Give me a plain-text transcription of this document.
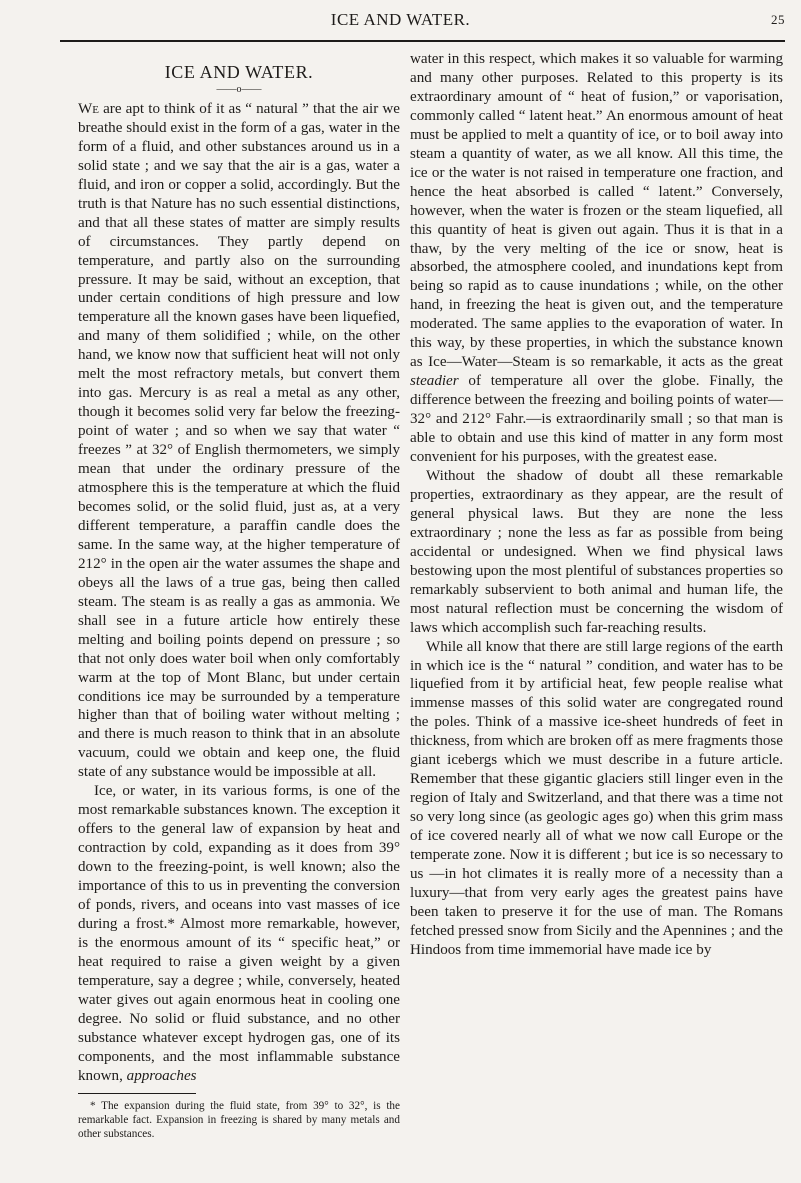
ICE AND WATER.	25
ICE AND WATER.
——o——

We are apt to think of it as “ natural ” that the air we breathe should exist in the form of a gas, water in the form of a fluid, and other substances around us in a solid state ; and we say that the air is a gas, water a fluid, and iron or copper a solid, accordingly. But the truth is that Nature has no such essential distinctions, and that all these states of matter are simply results of circumstances. They partly depend on temperature, and partly also on the surrounding pressure. It may be said, without an exception, that under certain conditions of high pressure and low temperature all the known gases have been liquefied, and many of them solidified ; while, on the other hand, we know now that sufficient heat will not only melt the most refractory metals, but convert them into gas. Mercury is as real a metal as any other, though it becomes solid very far below the freezing-point of water ; and so when we say that water “ freezes ” at 32° of English thermometers, we simply mean that under the ordinary pressure of the atmosphere this is the temperature at which the fluid becomes solid, or the solid fluid, just as, at a very different temperature, a paraffin candle does the same. In the same way, at the higher temperature of 212° in the open air the water assumes the shape and obeys all the laws of a true gas, being then called steam. The steam is as really a gas as ammonia. We shall see in a future article how entirely these melting and boiling points depend on pressure ; so that not only does water boil when only comfortably warm at the top of Mont Blanc, but under certain conditions ice may be surrounded by a temperature higher than that of boiling water without melting ; and there is much reason to think that in an absolute vacuum, could we obtain and keep one, the fluid state of any substance would be impossible at all.

Ice, or water, in its various forms, is one of the most remarkable substances known. The exception it offers to the general law of expansion by heat and contraction by cold, expanding as it does from 39° down to the freezing-point, is well known; also the importance of this to us in preventing the conversion of ponds, rivers, and oceans into vast masses of ice during a frost.* Almost more remarkable, however, is the enormous amount of its “ specific heat,” or heat required to raise a given weight by a given temperature, say a degree ; while, conversely, heated water gives out again enormous heat in cooling one degree. No solid or fluid substance, and no other substance whatever except hydrogen gas, one of its components, and the most inflammable substance known, approaches

* The expansion during the fluid state, from 39° to 32°, is the remarkable fact. Expansion in freezing is shared by many metals and other substances.

water in this respect, which makes it so valuable for warming and many other purposes. Related to this property is its extraordinary amount of “ heat of fusion,” or vaporisation, commonly called “ latent heat.” An enormous amount of heat must be applied to melt a quantity of ice, or to boil away into steam a quantity of water, as we all know. All this time, the ice or the water is not raised in temperature one fraction, and hence the heat absorbed is called “ latent.” Conversely, however, when the water is frozen or the steam liquefied, all this quantity of heat is given out again. Thus it is that in a thaw, by the very melting of the ice or snow, heat is absorbed, the atmosphere cooled, and inundations kept from being so rapid as to cause inundations ; while, on the other hand, in freezing the heat is given out, and the temperature moderated. The same applies to the evaporation of water. In this way, by these properties, in which the substance known as Ice—Water—Steam is so remarkable, it acts as the great steadier of temperature all over the globe. Finally, the difference between the freezing and boiling points of water—32° and 212° Fahr.—is extraordinarily small ; so that man is able to obtain and use this kind of matter in any form most convenient for his purposes, with the greatest ease.

Without the shadow of doubt all these remarkable properties, extraordinary as they appear, are the result of general physical laws. But they are none the less extraordinary ; none the less as far as possible from being accidental or undesigned. When we find physical laws bestowing upon the most plentiful of substances properties so remarkably subservient to both animal and human life, the most natural reflection must be concerning the wisdom of laws which accomplish such far-reaching results.

While all know that there are still large regions of the earth in which ice is the “ natural ” condition, and water has to be liquefied from it by artificial heat, few people realise what immense masses of this solid water are congregated round the poles. Think of a massive ice-sheet hundreds of feet in thickness, from which are broken off as mere fragments those giant icebergs which we must describe in a future article. Remember that these gigantic glaciers still linger even in the region of Italy and Switzerland, and that there was a time not so very long since (as geologic ages go) when this grim mass of ice covered nearly all of what we now call Europe or the temperate zone. Now it is different ; but ice is so necessary to us —in hot climates it is really more of a necessity than a luxury—that from very early ages the greatest pains have been taken to preserve it for the use of man. The Romans fetched pressed snow from Sicily and the Apennines ; and the Hindoos from time immemorial have made ice by
